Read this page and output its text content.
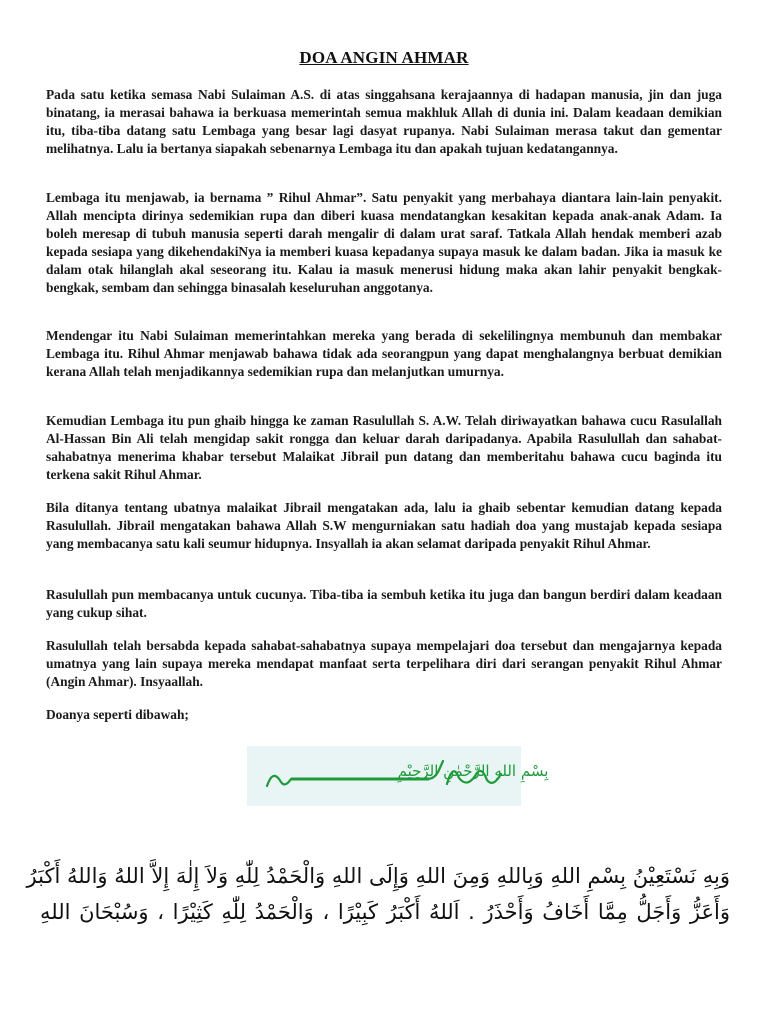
DOA ANGIN AHMAR

Pada satu ketika semasa Nabi Sulaiman A.S. di atas singgahsana kerajaannya di hadapan manusia, jin dan juga binatang, ia merasai bahawa ia berkuasa memerintah semua makhluk Allah di dunia ini. Dalam keadaan demikian itu, tiba-tiba datang satu Lembaga yang besar lagi dasyat rupanya. Nabi Sulaiman merasa takut dan gementar melihatnya. Lalu ia bertanya siapakah sebenarnya Lembaga itu dan apakah tujuan kedatangannya.

Lembaga itu menjawab, ia bernama ” Rihul Ahmar”. Satu penyakit yang merbahaya diantara lain-lain penyakit. Allah mencipta dirinya sedemikian rupa dan diberi kuasa mendatangkan kesakitan kepada anak-anak Adam. Ia boleh meresap di tubuh manusia seperti darah mengalir di dalam urat saraf. Tatkala Allah hendak memberi azab kepada sesiapa yang dikehendakiNya ia memberi kuasa kepadanya supaya masuk ke dalam badan. Jika ia masuk ke dalam otak hilanglah akal seseorang itu. Kalau ia masuk menerusi hidung maka akan lahir penyakit bengkak-bengkak, sembam dan sehingga binasalah keseluruhan anggotanya.

Mendengar itu Nabi Sulaiman memerintahkan mereka yang berada di sekelilingnya membunuh dan membakar Lembaga itu. Rihul Ahmar menjawab bahawa tidak ada seorangpun yang dapat menghalangnya berbuat demikian kerana Allah telah menjadikannya sedemikian rupa dan melanjutkan umurnya.

Kemudian Lembaga itu pun ghaib hingga ke zaman Rasulullah S. A.W. Telah diriwayatkan bahawa cucu Rasulallah Al-Hassan Bin Ali telah mengidap sakit rongga dan keluar darah daripadanya. Apabila Rasulullah dan sahabat-sahabatnya menerima khabar tersebut Malaikat Jibrail pun datang dan memberitahu bahawa cucu baginda itu terkena sakit Rihul Ahmar.

Bila ditanya tentang ubatnya malaikat Jibrail mengatakan ada, lalu ia ghaib sebentar kemudian datang kepada Rasulullah. Jibrail mengatakan bahawa Allah S.W mengurniakan satu hadiah doa yang mustajab kepada sesiapa yang membacanya satu kali seumur hidupnya. Insyallah ia akan selamat daripada penyakit Rihul Ahmar.

Rasulullah pun membacanya untuk cucunya. Tiba-tiba ia sembuh ketika itu juga dan bangun berdiri dalam keadaan yang cukup sihat.

Rasulullah telah bersabda kepada sahabat-sahabatnya supaya mempelajari doa tersebut dan mengajarnya kepada umatnya yang lain supaya mereka mendapat manfaat serta terpelihara diri dari serangan penyakit Rihul Ahmar (Angin Ahmar). Insyaallah.

Doanya seperti dibawah;

بِسْمِ اللهِ الرَّحْمٰنِ الرَّحِيْمِ
وَبِهِ نَسْتَعِيْنُ بِسْمِ اللهِ وَبِاللهِ وَمِنَ اللهِ وَإِلَى اللهِ وَالْحَمْدُ لِلّٰهِ وَلاَ إِلٰهَ إِلاَّ اللهُ وَاللهُ أَكْبَرُ
وَأَعَزُّ وَأَجَلُّ مِمَّا أَخَافُ وَأَحْذَرُ . اَللهُ أَكْبَرُ كَبِيْرًا ، وَالْحَمْدُ لِلّٰهِ كَثِيْرًا ، وَسُبْحَانَ اللهِ
